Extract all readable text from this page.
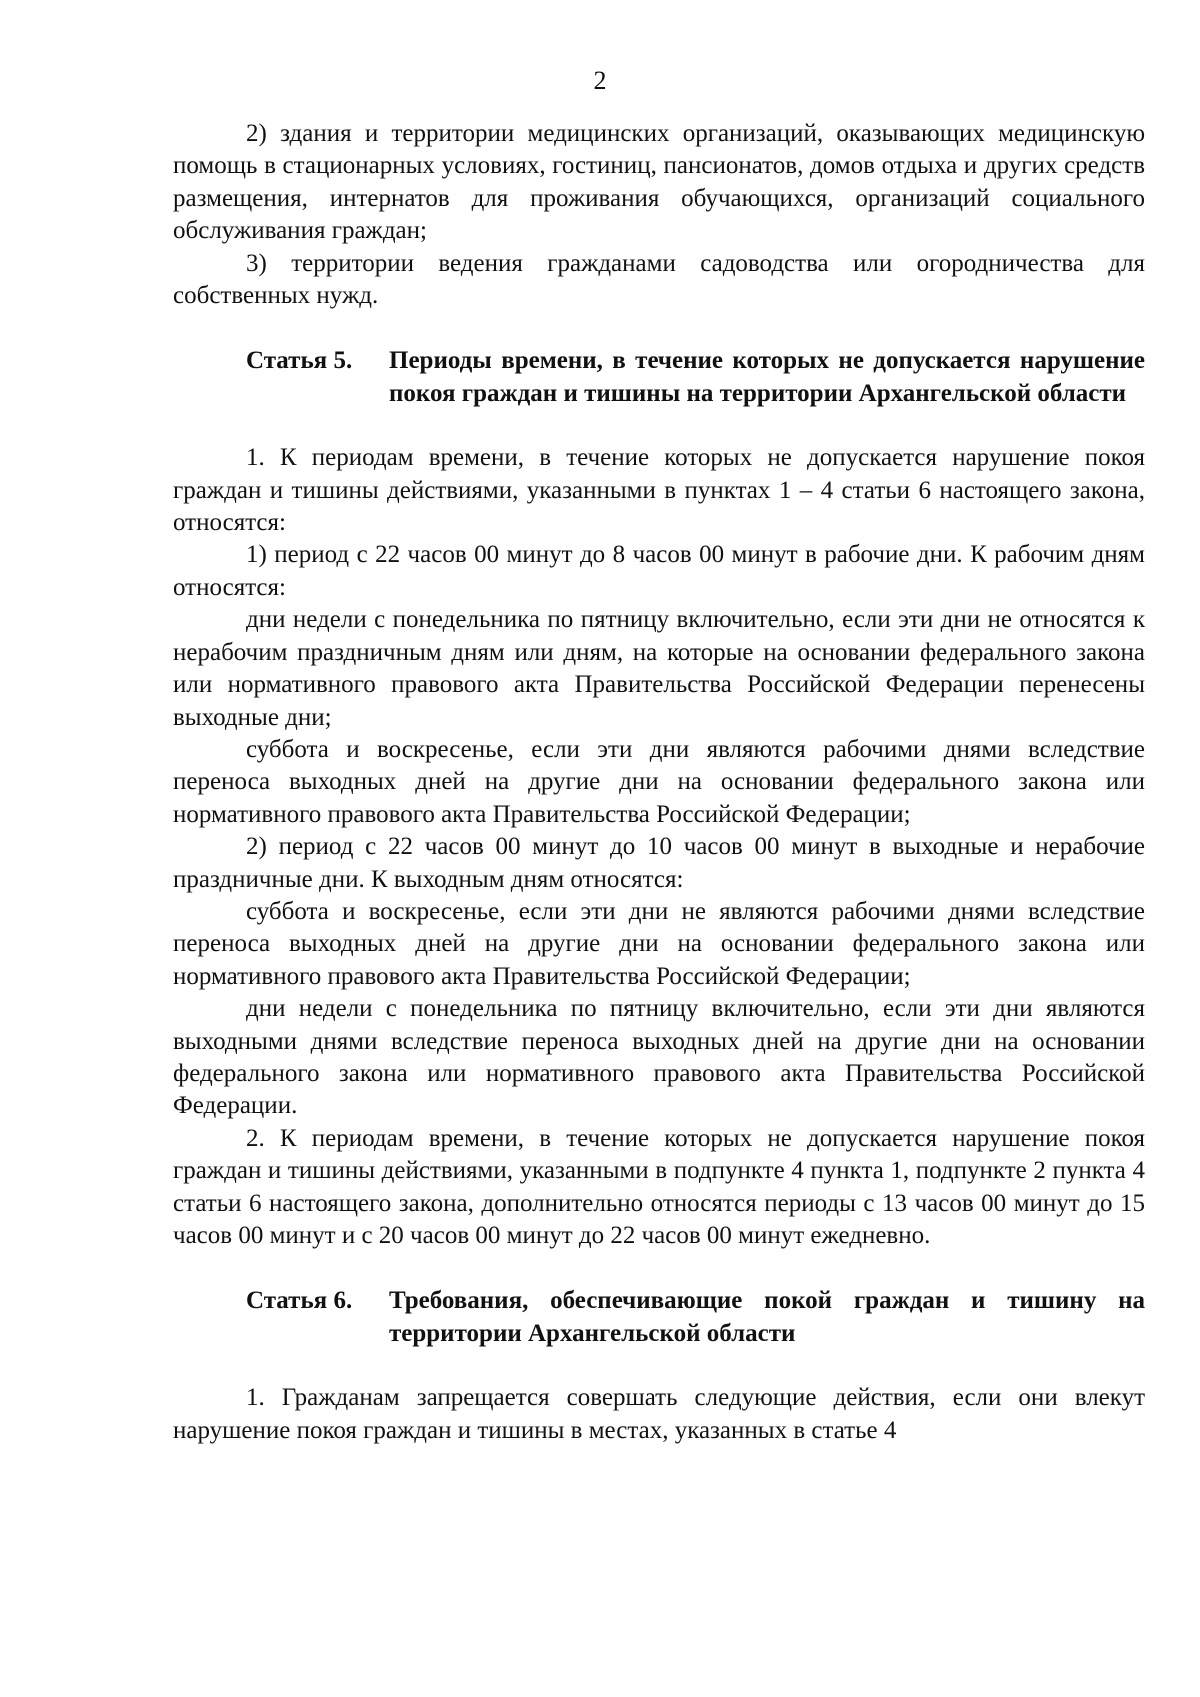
2

2) здания и территории медицинских организаций, оказывающих медицинскую помощь в стационарных условиях, гостиниц, пансионатов, домов отдыха и других средств размещения, интернатов для проживания обучающихся, организаций социального обслуживания граждан;

3) территории ведения гражданами садоводства или огородничества для собственных нужд.

Статья 5.	Периоды времени, в течение которых не допускается нарушение покоя граждан и тишины на территории Архангельской области

1. К периодам времени, в течение которых не допускается нарушение покоя граждан и тишины действиями, указанными в пунктах 1 – 4 статьи 6 настоящего закона, относятся:

1) период с 22 часов 00 минут до 8 часов 00 минут в рабочие дни. К рабочим дням относятся:

дни недели с понедельника по пятницу включительно, если эти дни не относятся к нерабочим праздничным дням или дням, на которые на основании федерального закона или нормативного правового акта Правительства Российской Федерации перенесены выходные дни;

суббота и воскресенье, если эти дни являются рабочими днями вследствие переноса выходных дней на другие дни на основании федерального закона или нормативного правового акта Правительства Российской Федерации;

2) период с 22 часов 00 минут до 10 часов 00 минут в выходные и нерабочие праздничные дни. К выходным дням относятся:

суббота и воскресенье, если эти дни не являются рабочими днями вследствие переноса выходных дней на другие дни на основании федерального закона или нормативного правового акта Правительства Российской Федерации;

дни недели с понедельника по пятницу включительно, если эти дни являются выходными днями вследствие переноса выходных дней на другие дни на основании федерального закона или нормативного правового акта Правительства Российской Федерации.

2. К периодам времени, в течение которых не допускается нарушение покоя граждан и тишины действиями, указанными в подпункте 4 пункта 1, подпункте 2 пункта 4 статьи 6 настоящего закона, дополнительно относятся периоды с 13 часов 00 минут до 15 часов 00 минут и с 20 часов 00 минут до 22 часов 00 минут ежедневно.

Статья 6.	Требования, обеспечивающие покой граждан и тишину на территории Архангельской области

1. Гражданам запрещается совершать следующие действия, если они влекут нарушение покоя граждан и тишины в местах, указанных в статье 4
